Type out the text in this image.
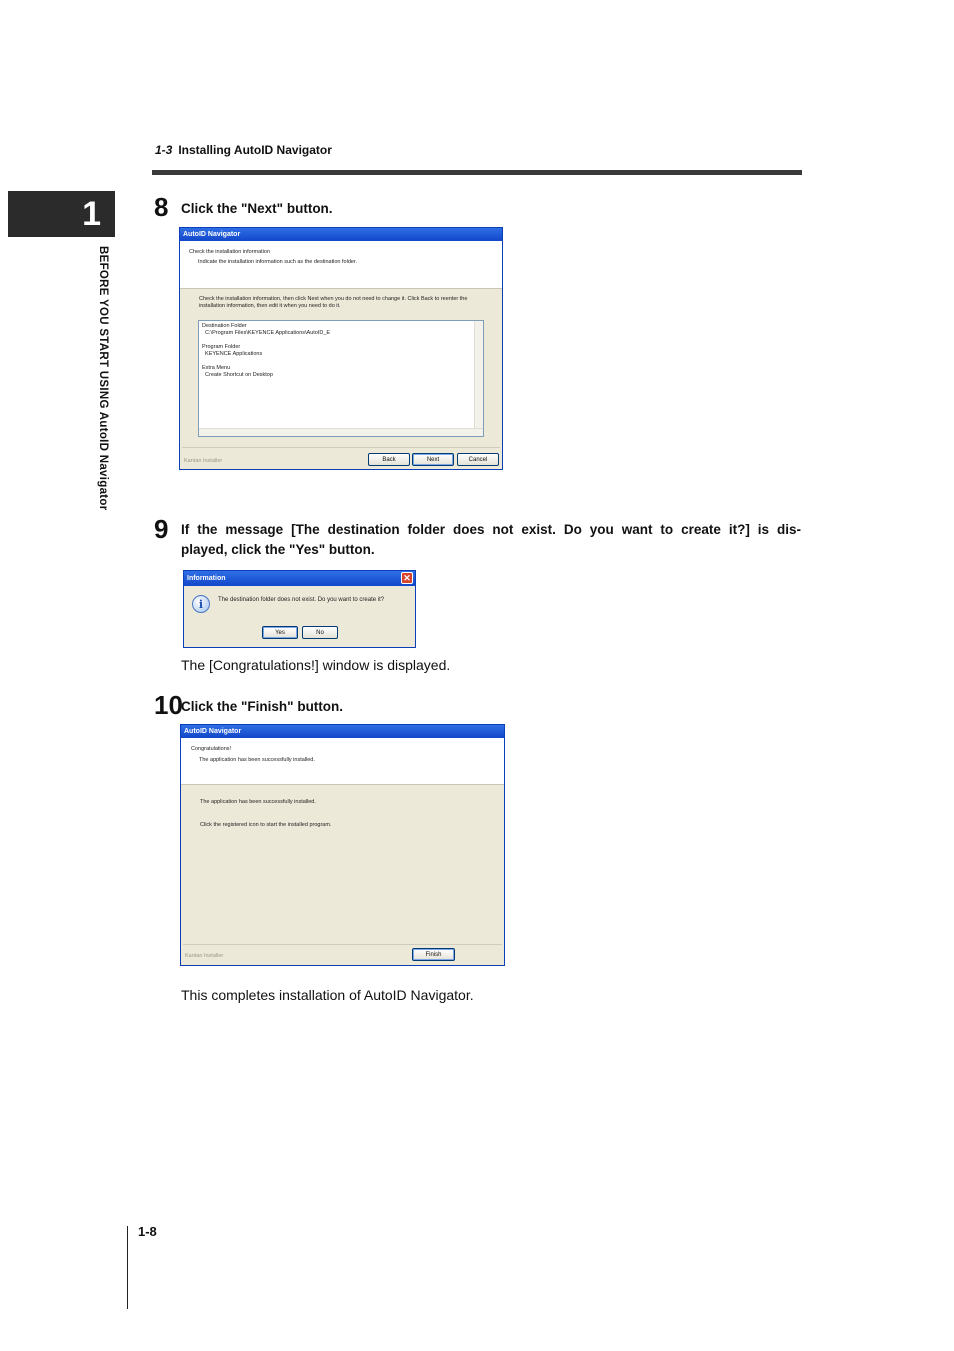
1-3 Installing AutoID Navigator
1
BEFORE YOU START USING AutoID Navigator
8 Click the "Next" button.
AutoID Navigator
Check the installation information
Indicate the installation information such as the destination folder.
Check the installation information, then click Next when you do not need to change it. Click Back to reenter the
installation information, then edit it when you need to do it.
Destination Folder
C:\Program Files\KEYENCE Applications\AutoID_E
Program Folder
KEYENCE Applications
Extra Menu
Create Shortcut on Desktop
Kantan Installer	Back	Next	Cancel
9 If the message [The destination folder does not exist. Do you want to create it?] is dis-
played, click the "Yes" button.
Information	✕
i	The destination folder does not exist. Do you want to create it?
Yes	No
The [Congratulations!] window is displayed.
10
Click the "Finish" button.
AutoID Navigator
Congratulations!
The application has been successfully installed.
The application has been successfully installed.
Click the registered icon to start the installed program.
Kantan Installer	Finish
This completes installation of AutoID Navigator.
1-8
